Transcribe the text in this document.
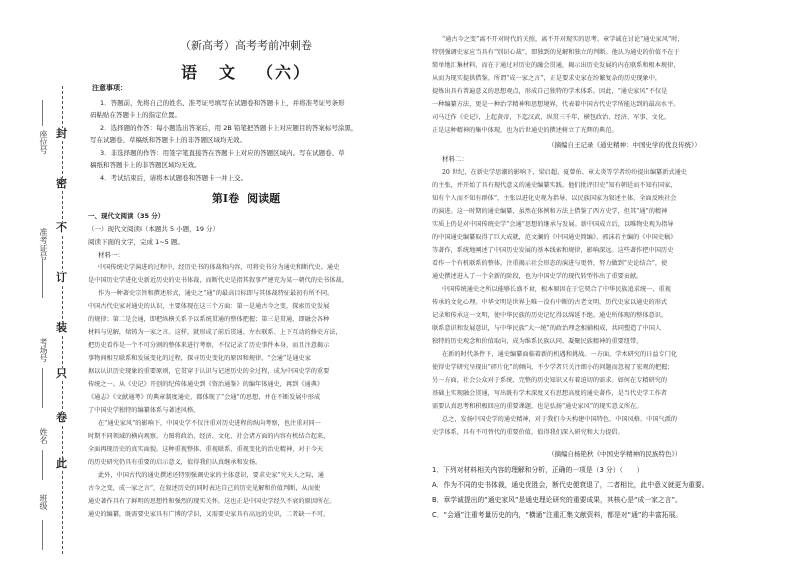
封
密
不
订
装
只
卷
此
座位号
准考证号
考场号
姓名
班级
（新高考）高考考前冲刺卷
语 文 （六）
注意事项：
1．答题前，先将自己的姓名、准考证号填写在试题卷和答题卡上，并将准考证号条形
码粘贴在答题卡上的指定位置。
2．选择题的作答：每小题选出答案后，用 2B 铅笔把答题卡上对应题目的答案标号涂黑，
写在试题卷、草稿纸和答题卡上的非答题区域均无效。
3．非选择题的作答：用签字笔直接答在答题卡上对应的答题区域内。写在试题卷、草
稿纸和答题卡上的非答题区域均无效。
4．考试结束后，请将本试题卷和答题卡一并上交。
第Ⅰ卷 阅读题
一、现代文阅读（35 分）
（一）现代文阅读Ⅰ（本题共 5 小题，19 分）
阅读下面的文字，完成 1~5 题。
材料一：
中国传统史学演进的过程中，经历史书的体裁和内容，可将史书分为通史和断代史。通史
是中国历史学进化史新近历史的史书体裁，而断代史是指其叙事严建充为某一朝代的史书体裁。
作为一种著史宗旨和撰述形式，通史之“通”的最高目标即与其体裁特征最初有所不同。
中国古代史家对通史的认识，主要体现在这三个方面：第一是通古今之变，探索历史发展
的规律；第二是会通，即把纵横关系予以系统贯通的整体把握；第三是贯通，即融会各种
材料与见解，熔铸为一家之言。这样，就形成了前后贯通、左右联系、上下互动的修史方法，
把历史看作是一个不可分割的整体来进行考察，不仅记录了历史事件本身，而且注意揭示
事物间相互联系和发展变化的过程，探寻历史变化的原因和规律。“会通”是通史家
据以认识历史现象的重要原则，它贯穿于认识与记述历史的全过程，成为中国史学的重要
传统之一。从《史记》开创的纪传体通史到《资治通鉴》的编年体通史，再到《通典》
《通志》《文献通考》的典章制度通史，都体现了“会通”的思想，并在不断发展中形成
了中国史学独特的编纂体系与著述风格。
在“通史家风”的影响下，中国史学不仅注重对历史进程的纵向考察，也注重对同一
时期不同领域的横向观察，力图将政治、经济、文化、社会诸方面的内容有机结合起来，
全面再现历史的真实面貌。这种重视整体、重视联系、重视变化的治史精神，对于今天
的历史研究仍具有重要的启示意义，值得我们认真继承和发扬。
此外，中国古代的通史撰述还特别强调史家的主体意识，要求史家“究天人之际，通
古今之变，成一家之言”，在叙述历史的同时表达自己的历史见解和价值判断，从而使
通史著作具有了鲜明的思想性和强烈的现实关怀，这也正是中国史学经久不衰的原因所在。
通史的编纂，既需要史家具有广博的学识，又需要史家具有高远的史识，二者缺一不可。
“通古今之变”离不开对时代的关照，离不开对现实的思考。章学诚在讨论“通史家风”时，
特别强调史家应当具有“别识心裁”，即独到的见解和独立的判断。他认为通史的价值不在于
简单地汇集材料，而在于通过对历史的融会贯通，揭示出历史发展的内在联系和根本规律，
从而为现实提供借鉴。所谓“成一家之言”，正是要求史家在纷繁复杂的历史现象中，
提炼出具有普遍意义的思想观点，形成自己独特的学术体系。因此，“通史家风”不仅是
一种编纂方法，更是一种治学精神和思想境界，代表着中国古代史学所能达到的最高水平。
司马迁作《史记》，上起黄帝，下迄汉武，纵贯三千年，横包政治、经济、军事、文化，
正是这种精神的集中体现，也为后世通史的撰述树立了光辉的典范。
（摘编自王记录《通史精神：中国史学的优良传统》）
材料二：
20 世纪，在新史学思潮的影响下，梁启超、夏曾佑、章太炎等学者纷纷提出编纂新式通史
的主张，并开始了具有现代意义的通史编纂实践。他们批评旧史“知有朝廷而不知有国家，
知有个人而不知有群体”，主张以进化史观为指导，以民族国家为叙述主体，全面反映社会
的演进。这一时期的通史编纂，虽然在体例和方法上借鉴了西方史学，但其“通”的精神
实质上仍是对中国传统史学“会通”思想的继承与发展。新中国成立后，以唯物史观为指导
的中国通史编纂取得了巨大成就，范文澜的《中国通史简编》、郭沫若主编的《中国史稿》
等著作，系统地阐述了中国历史发展的基本线索和规律，影响深远。这些著作把中国历史
看作一个有机联系的整体，注重揭示社会形态的演进与更替，努力做到“史论结合”，使
通史撰述进入了一个全新的阶段，也为中国史学的现代转型作出了重要贡献。
中国传统通史之所以能够长盛不衰，根本原因在于它契合了中华民族追求统一、重视
传承的文化心理。中华文明是世界上唯一没有中断的古老文明，历代史家以通史的形式
记录和传承这一文明，使中华民族的历史记忆得以绵延不绝。通史所体现的整体意识、
联系意识和发展意识，与中华民族“大一统”的政治理念相辅相成，共同塑造了中国人
独特的历史观念和价值取向，成为维系民族认同、凝聚民族精神的重要纽带。
在新的时代条件下，通史编纂面临着新的机遇和挑战。一方面，学术研究的日益专门化
使得史学研究呈现出“碎片化”的倾向，不少学者只关注细小的问题而忽视了宏观的把握；
另一方面，社会公众对于系统、完整的历史知识又有着迫切的需求。如何在专精研究的
基础上实现融会贯通，写出既有学术深度又有思想高度的通史著作，是当代史学工作者
需要认真思考和积极回应的重要课题，也是弘扬“通史家风”的现实意义所在。
总之，发扬中国史学的通史精神，对于我们今天构建中国特色、中国风格、中国气派的
史学体系，具有不可替代的重要价值，值得我们深入研究和大力提倡。
（摘编自杨艳秋《中国史学精神的民族特色》）
1．下列对材料相关内容的理解和分析，正确的一项是（3 分）（　　）
A．作为不同的史书体裁，通史优胜会，断代史便衰退了，二者相比，此中意义就更为重要。
B．章学诚提出的“通史家风”是通史理论研究的重要成果，其核心是“成一家之言”。
C．“会通”注重考量历史的内，“横通”注重汇集文献资料，都是对“通”的丰富拓展。
